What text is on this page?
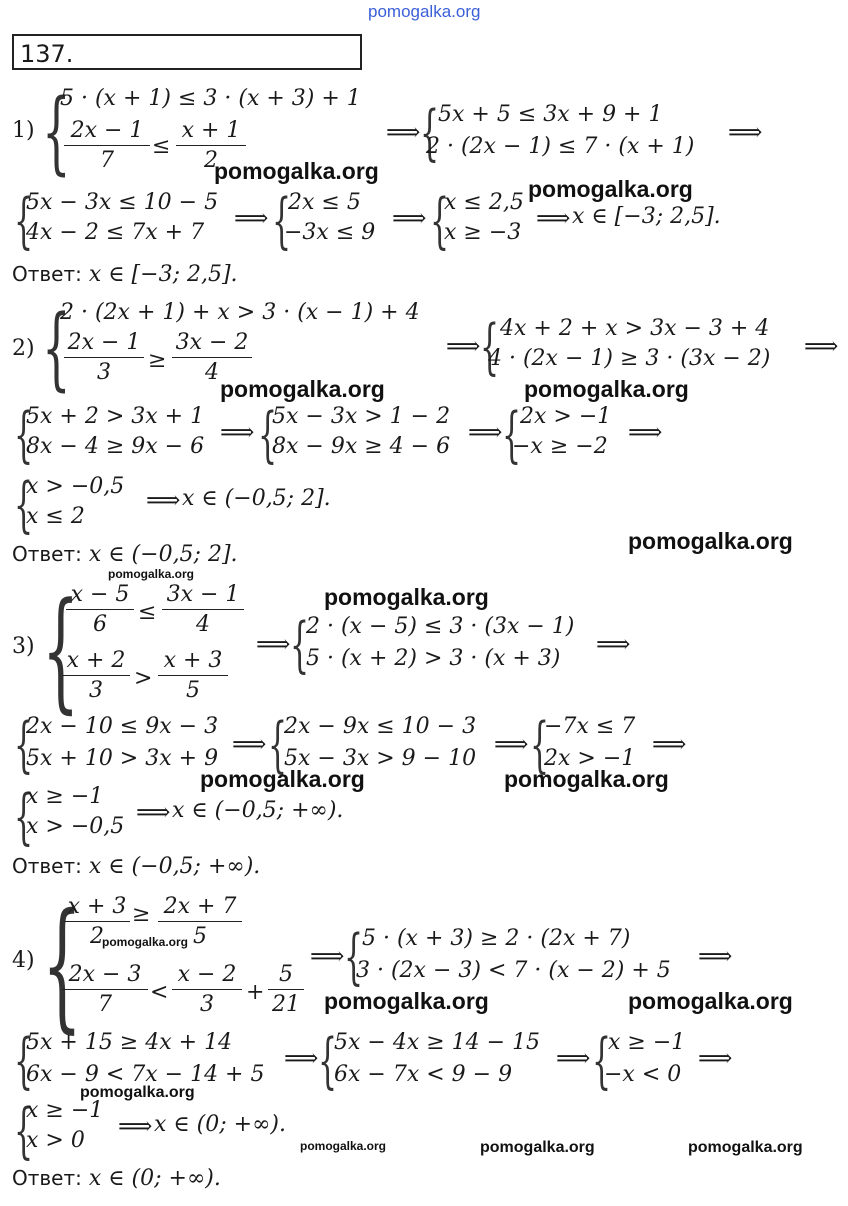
pomogalka.org
137.
1) {
5 · (x + 1) ≤ 3 · (x + 3) + 1
2x − 1
7
≤
x + 1
2
⟹ {
5x + 5 ≤ 3x + 9 + 1
2 · (2x − 1) ≤ 7 · (x + 1)
⟹
pomogalka.org
pomogalka.org
{
5x − 3x ≤ 10 − 5
4x − 2 ≤ 7x + 7
⟹ {
2x ≤ 5
−3x ≤ 9
⟹ {
x ≤ 2,5
x ≥ −3
⟹ x ∈ [−3; 2,5].
Ответ: x ∈ [−3; 2,5].
2) {
2 · (2x + 1) + x > 3 · (x − 1) + 4
2x − 1
3	≥
3x − 2
4
⟹ { 4x + 2 + x > 3x − 3 + 4
4 · (2x − 1) ≥ 3 · (3x − 2) ⟹
pomogalka.org	pomogalka.org
{
5x + 2 > 3x + 1
8x − 4 ≥ 9x − 6
⟹ {
5x − 3x > 1 − 2
8x − 9x ≥ 4 − 6
⟹ {
2x > −1
−x ≥ −2
⟹
{
x > −0,5
x ≤ 2
⟹ x ∈ (−0,5; 2].
Ответ: x ∈ (−0,5; 2].
pomogalka.org
pomogalka.org
3) {
x − 5
6	≤
3x − 1
4
x + 2
3	>
x + 3
5
⟹ {
2 · (x − 5) ≤ 3 · (3x − 1)
5 · (x + 2) > 3 · (x + 3)
⟹
pomogalka.org
{
2x − 10 ≤ 9x − 3
5x + 10 > 3x + 9
⟹ {
2x − 9x ≤ 10 − 3
5x − 3x > 9 − 10
⟹ {
−7x ≤ 7
2x > −1
⟹
pomogalka.org	pomogalka.org
{
x ≥ −1
x > −0,5
⟹ x ∈ (−0,5; +∞).
Ответ: x ∈ (−0,5; +∞).
4) {
x + 3
2
≥ 2x + 7
5
pomogalka.org
2x − 3
7	<
x − 2
3	+
5
21
⟹ {
5 · (x + 3) ≥ 2 · (2x + 7)
3 · (2x − 3) < 7 · (x − 2) + 5
⟹
pomogalka.org	pomogalka.org
{
5x + 15 ≥ 4x + 14
6x − 9 < 7x − 14 + 5
⟹ {
5x − 4x ≥ 14 − 15
6x − 7x < 9 − 9
⟹ {
x ≥ −1
−x < 0
⟹
pomogalka.org
{
x ≥ −1
x > 0
⟹ x ∈ (0; +∞).
pomogalka.org	pomogalka.org	pomogalka.org
Ответ: x ∈ (0; +∞).
